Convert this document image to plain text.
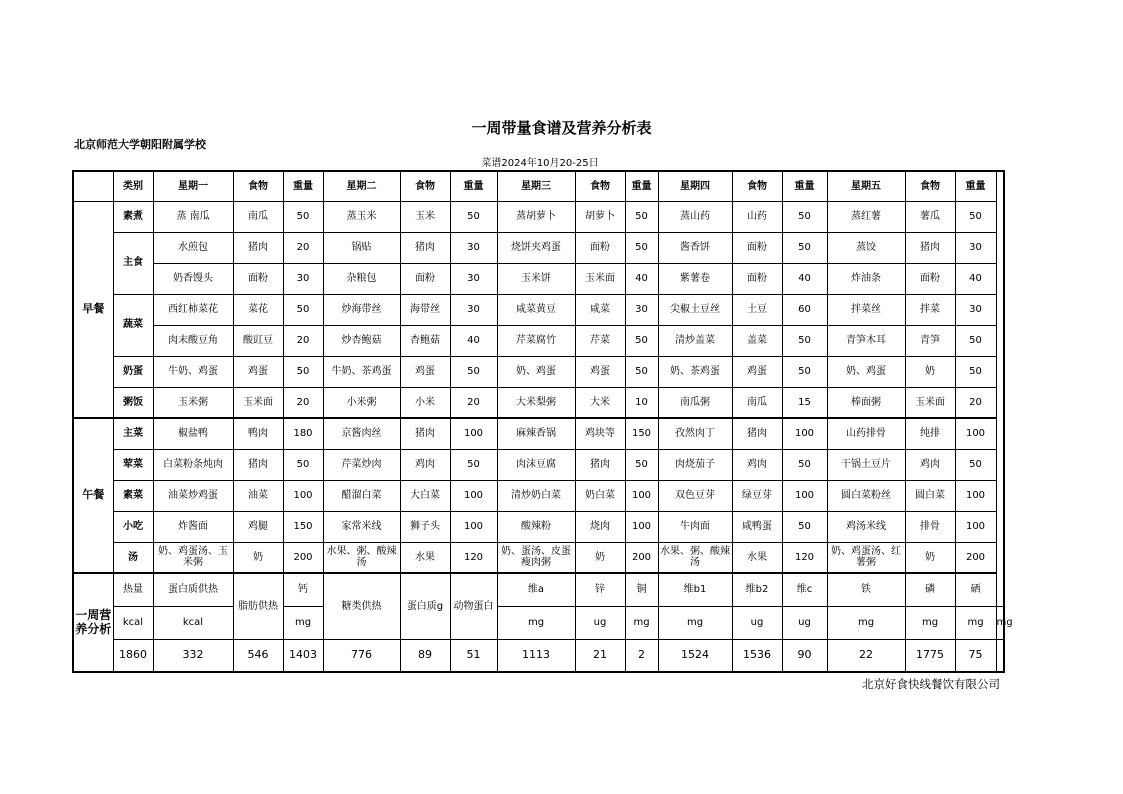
一周带量食谱及营养分析表
北京师范大学朝阳附属学校
菜谱2024年10月20-25日
	类别	星期一	食物	重量	星期二	食物	重量	星期三	食物	重量	星期四	食物	重量	星期五	食物	重量	
早餐	素煮	蒸 南瓜	南瓜	50	蒸玉米	玉米	50	蒸胡萝卜	胡萝卜	50	蒸山药	山药	50	蒸红薯	薯瓜	50	
	主食	水煎包	猪肉	20	锅贴	猪肉	30	烧饼夹鸡蛋	面粉	50	酱香饼	面粉	50	蒸饺	猪肉	30	
		奶香馒头	面粉	30	杂粮包	面粉	30	玉米饼	玉米面	40	紫薯卷	面粉	40	炸油条	面粉	40	
	蔬菜	西红柿菜花	菜花	50	炒海带丝	海带丝	30	咸菜黄豆	咸菜	30	尖椒土豆丝	土豆	60	拌菜丝	拌菜	30	
		肉末酸豆角	酸豇豆	20	炒杏鲍菇	杏鲍菇	40	芹菜腐竹	芹菜	50	清炒盖菜	盖菜	50	青笋木耳	青笋	50	
	奶蛋	牛奶、鸡蛋	鸡蛋	50	牛奶、茶鸡蛋	鸡蛋	50	奶、鸡蛋	鸡蛋	50	奶、茶鸡蛋	鸡蛋	50	奶、鸡蛋	奶	50	
	粥饭	玉米粥	玉米面	20	小米粥	小米	20	大米梨粥	大米	10	南瓜粥	南瓜	15	棒面粥	玉米面	20	
午餐	主菜	椒盐鸭	鸭肉	180	京酱肉丝	猪肉	100	麻辣香锅	鸡块等	150	孜然肉丁	猪肉	100	山药排骨	纯排	100	
	荤菜	白菜粉条炖肉	猪肉	50	芹菜炒肉	鸡肉	50	肉沫豆腐	猪肉	50	肉烧茄子	鸡肉	50	干锅土豆片	鸡肉	50	
	素菜	油菜炒鸡蛋	油菜	100	醋溜白菜	大白菜	100	清炒奶白菜	奶白菜	100	双色豆芽	绿豆芽	100	圆白菜粉丝	圆白菜	100	
	小吃	炸酱面	鸡腿	150	家常米线	狮子头	100	酸辣粉	烧肉	100	牛肉面	咸鸭蛋	50	鸡汤米线	排骨	100	
	汤	奶、鸡蛋汤、玉米粥	奶	200	水果、粥、酸辣汤	水果	120	奶、蛋汤、皮蛋瘦肉粥	奶	200	水果、粥、酸辣汤	水果	120	奶、鸡蛋汤、红薯粥	奶	200	
一周营养分析	热量	蛋白质供热	脂肪供热	钙	糖类供热	蛋白质g	动物蛋白	维a	锌	铜	维b1	维b2	维c	铁	磷	硒	
	kcal	kcal		mg				mg	ug	mg	mg	ug	ug	mg	mg	mg	mg
	1860	332	546	1403	776	89	51	1113	21	2	1524	1536	90	22	1775	75	
北京好食快线餐饮有限公司
